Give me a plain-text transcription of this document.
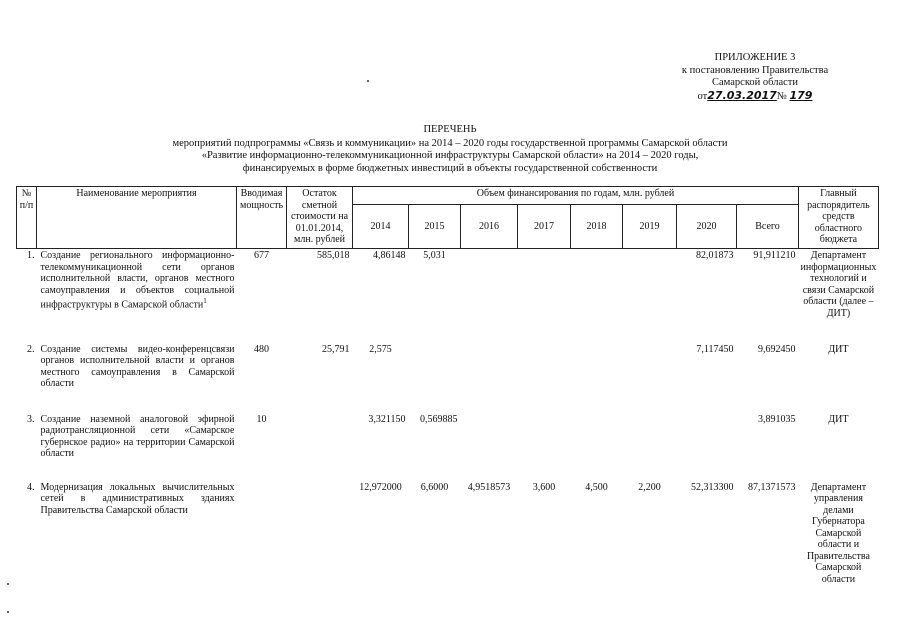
ПРИЛОЖЕНИЕ 3
к постановлению Правительства
Самарской области
от27.03.2017№ 179
ПЕРЕЧЕНЬ
мероприятий подпрограммы «Связь и коммуникации» на 2014 – 2020 годы государственной программы Самарской области
«Развитие информационно-телекоммуникационной инфраструктуры Самарской области» на 2014 – 2020 годы,
финансируемых в форме бюджетных инвестиций в объекты государственной собственности
№ п/п	Наименование мероприятия	Вводимая мощность	Остаток сметной стоимости на 01.01.2014, млн. рублей	Объем финансирования по годам, млн. рублей								Главный распорядитель средств областного бюджета
				2014	2015	2016	2017	2018	2019	2020	Всего	
1.	Создание регионального информационно-телекоммуникационной сети органов исполнительной власти, органов местного самоуправления и объектов социальной инфраструктуры в Самарской области$^1$	677	585,018	4,86148	5,031					82,01873	91,911210	Департамент информационных технологий и связи Самарской области (далее – ДИТ)
2.	Создание системы видео-конференцсвязи органов исполнительной власти и органов местного самоуправления в Самарской области	480	25,791	2,575						7,117450	9,692450	ДИТ
3.	Создание наземной аналоговой эфирной радиотрансляционной сети «Самарское губернское радио» на территории Самарской области	10		3,321150	0,569885						3,891035	ДИТ
4.	Модернизация локальных вычислительных сетей в административных зданиях Правительства Самарской области			12,972000	6,6000	4,9518573	3,600	4,500	2,200	52,313300	87,1371573	Департамент управления делами Губернатора Самарской области и Правительства Самарской области
